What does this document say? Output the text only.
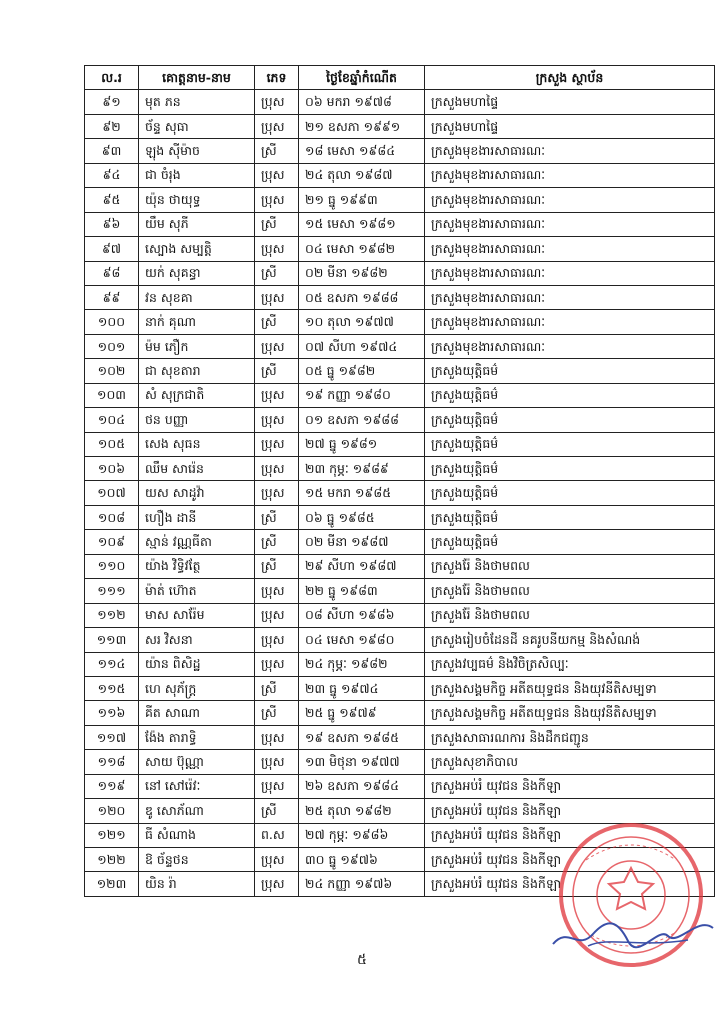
ល.រ	គោត្តនាម-នាម	ភេទ	ថ្ងៃខែឆ្នាំកំណើត	ក្រសួង ស្ថាប័ន
៩១	មុត ភន	ប្រុស	០៦ មករា ១៩៧៨	ក្រសួងមហាផ្ទៃ
៩២	ច័ន្ទ សុធា	ប្រុស	២១ ឧសភា ១៩៩១	ក្រសួងមហាផ្ទៃ
៩៣	ឡុង ស៊ីម៉ាច	ស្រី	១៨ មេសា ១៩៨៤	ក្រសួងមុខងារសាធារណៈ
៩៤	ជា ចំរុង	ប្រុស	២៤ តុលា ១៩៨៧	ក្រសួងមុខងារសាធារណៈ
៩៥	យ៉ុន ថាយុទ្ធ	ប្រុស	២១ ធ្នូ ១៩៩៣	ក្រសួងមុខងារសាធារណៈ
៩៦	យឹម សុភី	ស្រី	១៥ មេសា ១៩៨១	ក្រសួងមុខងារសាធារណៈ
៩៧	ស្បោង សម្បត្តិ	ប្រុស	០៤ មេសា ១៩៨២	ក្រសួងមុខងារសាធារណៈ
៩៨	យក់ សុគន្ធា	ស្រី	០២ មីនា ១៩៨២	ក្រសួងមុខងារសាធារណៈ
៩៩	វន សុខគា	ប្រុស	០៥ ឧសភា ១៩៨៨	ក្រសួងមុខងារសាធារណៈ
១០០	នាក់ គុណា	ស្រី	១០ តុលា ១៩៧៧	ក្រសួងមុខងារសាធារណៈ
១០១	ម៉ម ភឿក	ប្រុស	០៧ សីហា ១៩៧៤	ក្រសួងមុខងារសាធារណៈ
១០២	ជា សុខតារា	ស្រី	០៥ ធ្នូ ១៩៨២	ក្រសួងយុត្តិធម៌
១០៣	សំ សុក្រជាតិ	ប្រុស	១៩ កញ្ញា ១៩៨០	ក្រសួងយុត្តិធម៌
១០៤	ថន បញ្ញា	ប្រុស	០១ ឧសភា ១៩៨៨	ក្រសួងយុត្តិធម៌
១០៥	សេង សុធន	ប្រុស	២៧ ធ្នូ ១៩៨១	ក្រសួងយុត្តិធម៌
១០៦	ឈឹម សារ៉េន	ប្រុស	២៣ កុម្ភៈ ១៩៨៩	ក្រសួងយុត្តិធម៌
១០៧	យស សាដូវ៉ា	ប្រុស	១៥ មករា ១៩៨៥	ក្រសួងយុត្តិធម៌
១០៨	ហឿង ដានី	ស្រី	០៦ ធ្នូ ១៩៨៥	ក្រសួងយុត្តិធម៌
១០៩	ស្មាន់ វណ្ណធីតា	ស្រី	០២ មីនា ១៩៨៧	ក្រសួងយុត្តិធម៌
១១០	យ៉ាង វិទ្ធិវត្ថែ	ស្រី	២៩ សីហា ១៩៨៧	ក្រសួងរ៉ែ និងថាមពល
១១១	ម៉ាត់ ហ៊ោត	ប្រុស	២២ ធ្នូ ១៩៨៣	ក្រសួងរ៉ែ និងថាមពល
១១២	មាស សារ៉ែម	ប្រុស	០៨ សីហា ១៩៨៦	ក្រសួងរ៉ែ និងថាមពល
១១៣	សរ វិសនា	ប្រុស	០៤ មេសា ១៩៨០	ក្រសួងរៀបចំដែនដី នគរូបនីយកម្ម និងសំណង់
១១៤	យ៉ាន ពិសិដ្ឋ	ប្រុស	២៤ កុម្ភៈ ១៩៨២	ក្រសួងវប្បធម៌ និងវិចិត្រសិល្បៈ
១១៥	ហេ សុភ័ក្ត្រ	ស្រី	២៣ ធ្នូ ១៩៧៤	ក្រសួងសង្គមកិច្ច អតីតយុទ្ធជន និងយុវនីតិសម្បទា
១១៦	គីត សាណា	ស្រី	២៥ ធ្នូ ១៩៧៩	ក្រសួងសង្គមកិច្ច អតីតយុទ្ធជន និងយុវនីតិសម្បទា
១១៧	ង៉ែង តារាទ្ធិ	ប្រុស	១៩ ឧសភា ១៩៨៥	ក្រសួងសាធារណការ និងដឹកជញ្ជូន
១១៨	សាយ ប៊ុណ្ណា	ប្រុស	១៣ មិថុនា ១៩៧៧	ក្រសួងសុខាភិបាល
១១៩	នៅ សៅរ៉េវៈ	ប្រុស	២៦ ឧសភា ១៩៨៤	ក្រសួងអប់រំ យុវជន និងកីឡា
១២០	ឌូ សោភ័ណា	ស្រី	២៥ តុលា ១៩៨២	ក្រសួងអប់រំ យុវជន និងកីឡា
១២១	ធី សំណាង	ព.ស	២៧ កុម្ភៈ ១៩៨៦	ក្រសួងអប់រំ យុវជន និងកីឡា
១២២	ឱ ច័ន្ទថន	ប្រុស	៣០ ធ្នូ ១៩៧៦	ក្រសួងអប់រំ យុវជន និងកីឡា
១២៣	យិន រ៉ា	ប្រុស	២៤ កញ្ញា ១៩៧៦	ក្រសួងអប់រំ យុវជន និងកីឡា
៥
